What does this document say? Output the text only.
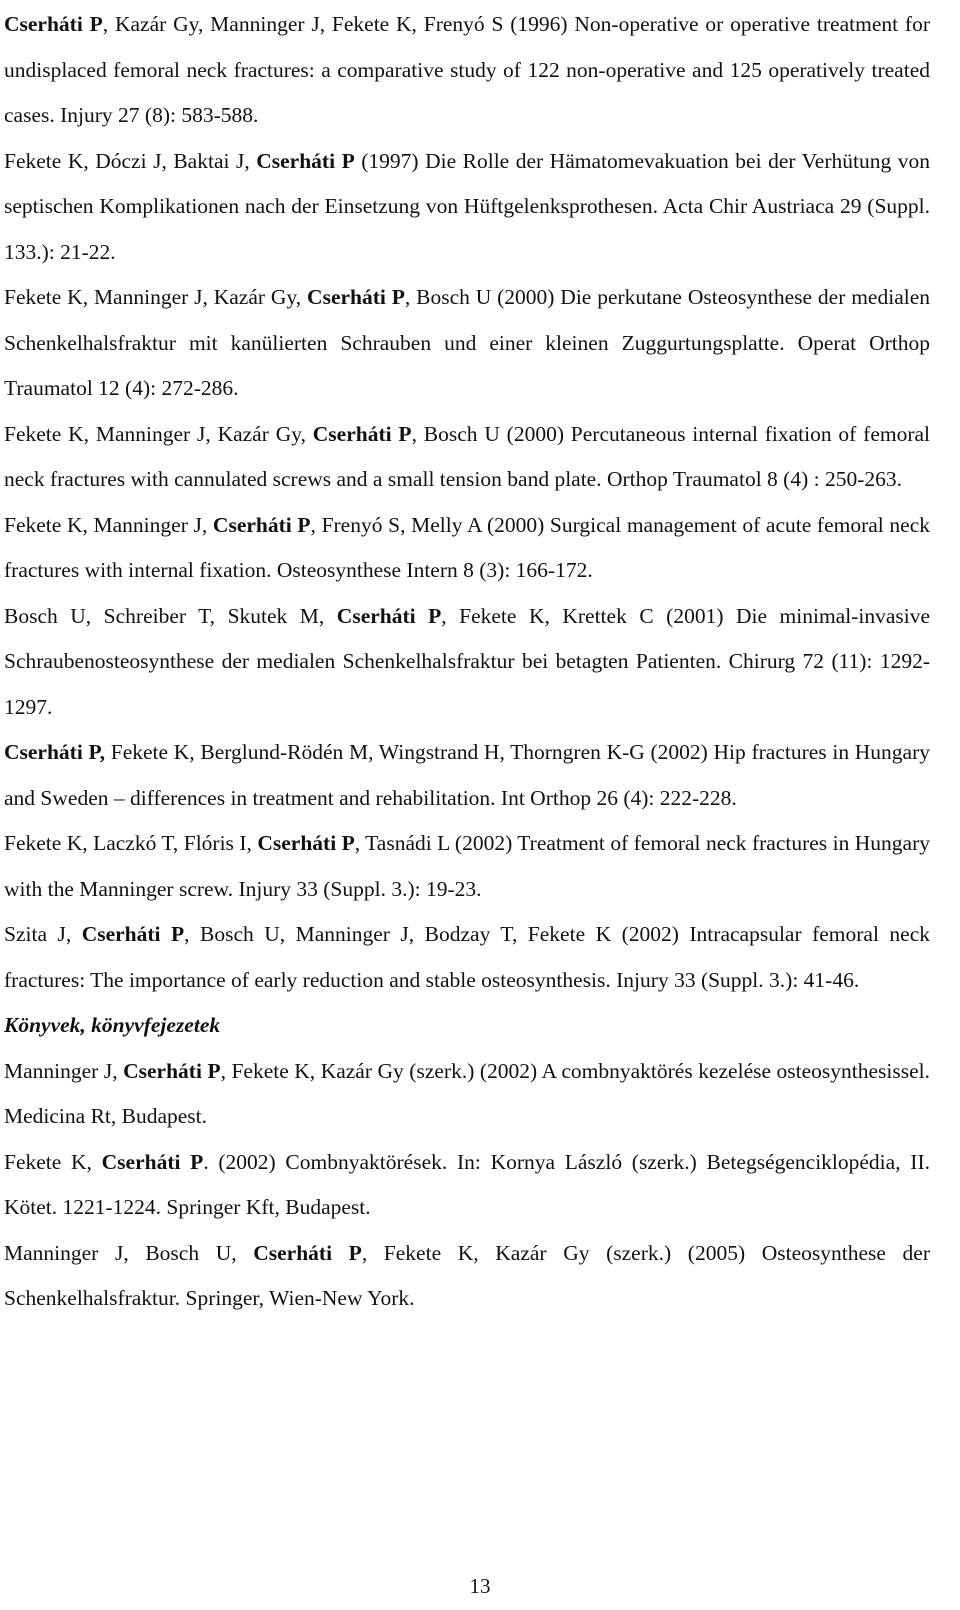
Cserháti P, Kazár Gy, Manninger J, Fekete K, Frenyó S (1996) Non-operative or operative treatment for undisplaced femoral neck fractures: a comparative study of 122 non-operative and 125 operatively treated cases. Injury 27 (8): 583-588.

Fekete K, Dóczi J, Baktai J, Cserháti P (1997) Die Rolle der Hämatomevakuation bei der Verhütung von septischen Komplikationen nach der Einsetzung von Hüftgelenksprothesen. Acta Chir Austriaca 29 (Suppl. 133.): 21-22.

Fekete K, Manninger J, Kazár Gy, Cserháti P, Bosch U (2000) Die perkutane Osteosynthese der medialen Schenkelhalsfraktur mit kanülierten Schrauben und einer kleinen Zuggurtungsplatte. Operat Orthop Traumatol 12 (4): 272-286.

Fekete K, Manninger J, Kazár Gy, Cserháti P, Bosch U (2000) Percutaneous internal fixation of femoral neck fractures with cannulated screws and a small tension band plate. Orthop Traumatol 8 (4) : 250-263.

Fekete K, Manninger J, Cserháti P, Frenyó S, Melly A (2000) Surgical management of acute femoral neck fractures with internal fixation. Osteosynthese Intern 8 (3): 166-172.

Bosch U, Schreiber T, Skutek M, Cserháti P, Fekete K, Krettek C (2001) Die minimal-invasive Schraubenosteosynthese der medialen Schenkelhalsfraktur bei betagten Patienten. Chirurg 72 (11): 1292-1297.

Cserháti P, Fekete K, Berglund-Rödén M, Wingstrand H, Thorngren K-G (2002) Hip fractures in Hungary and Sweden – differences in treatment and rehabilitation. Int Orthop 26 (4): 222-228.

Fekete K, Laczkó T, Flóris I, Cserháti P, Tasnádi L (2002) Treatment of femoral neck fractures in Hungary with the Manninger screw. Injury 33 (Suppl. 3.): 19-23.

Szita J, Cserháti P, Bosch U, Manninger J, Bodzay T, Fekete K (2002) Intracapsular femoral neck fractures: The importance of early reduction and stable osteosynthesis. Injury 33 (Suppl. 3.): 41-46.

Könyvek, könyvfejezetek

Manninger J, Cserháti P, Fekete K, Kazár Gy (szerk.) (2002) A combnyaktörés kezelése osteosynthesissel. Medicina Rt, Budapest.

Fekete K, Cserháti P. (2002) Combnyaktörések. In: Kornya László (szerk.) Betegségenciklopédia, II. Kötet. 1221-1224. Springer Kft, Budapest.

Manninger J, Bosch U, Cserháti P, Fekete K, Kazár Gy (szerk.) (2005) Osteosynthese der Schenkelhalsfraktur. Springer, Wien-New York.

13
